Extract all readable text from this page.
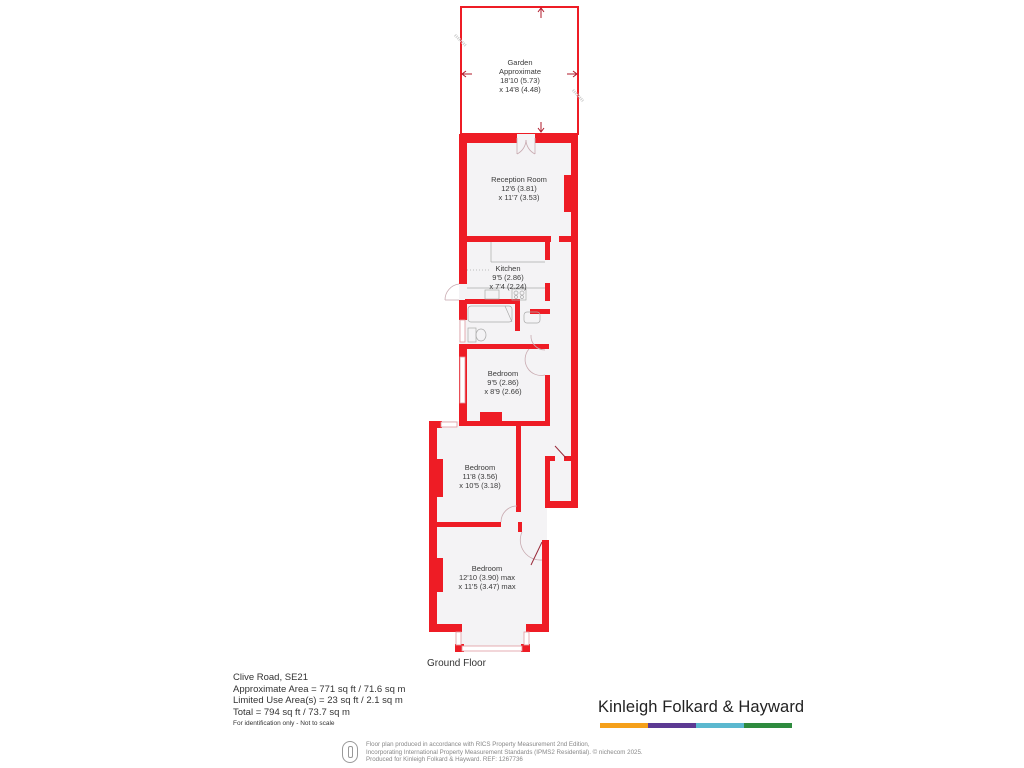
Garden
Approximate
18'10 (5.73)
x 14'8 (4.48)
Reception Room
12'6 (3.81)
x 11'7 (3.53)
Kitchen
9'5 (2.86)
x 7'4 (2.24)
Bedroom
9'5 (2.86)
x 8'9 (2.66)
Bedroom
11'8 (3.56)
x 10'5 (3.18)
Bedroom
12'10 (3.90) max
x 11'5 (3.47) max
Ground Floor
Clive Road, SE21
Approximate Area = 771 sq ft / 71.6 sq m
Limited Use Area(s) = 23 sq ft / 2.1 sq m
Total = 794 sq ft / 73.7 sq m
For identification only - Not to scale
Kinleigh Folkard & Hayward
Floor plan produced in accordance with RICS Property Measurement 2nd Edition,
Incorporating International Property Measurement Standards (IPMS2 Residential). © nichecom 2025.
Produced for Kinleigh Folkard & Hayward. REF: 1267736
